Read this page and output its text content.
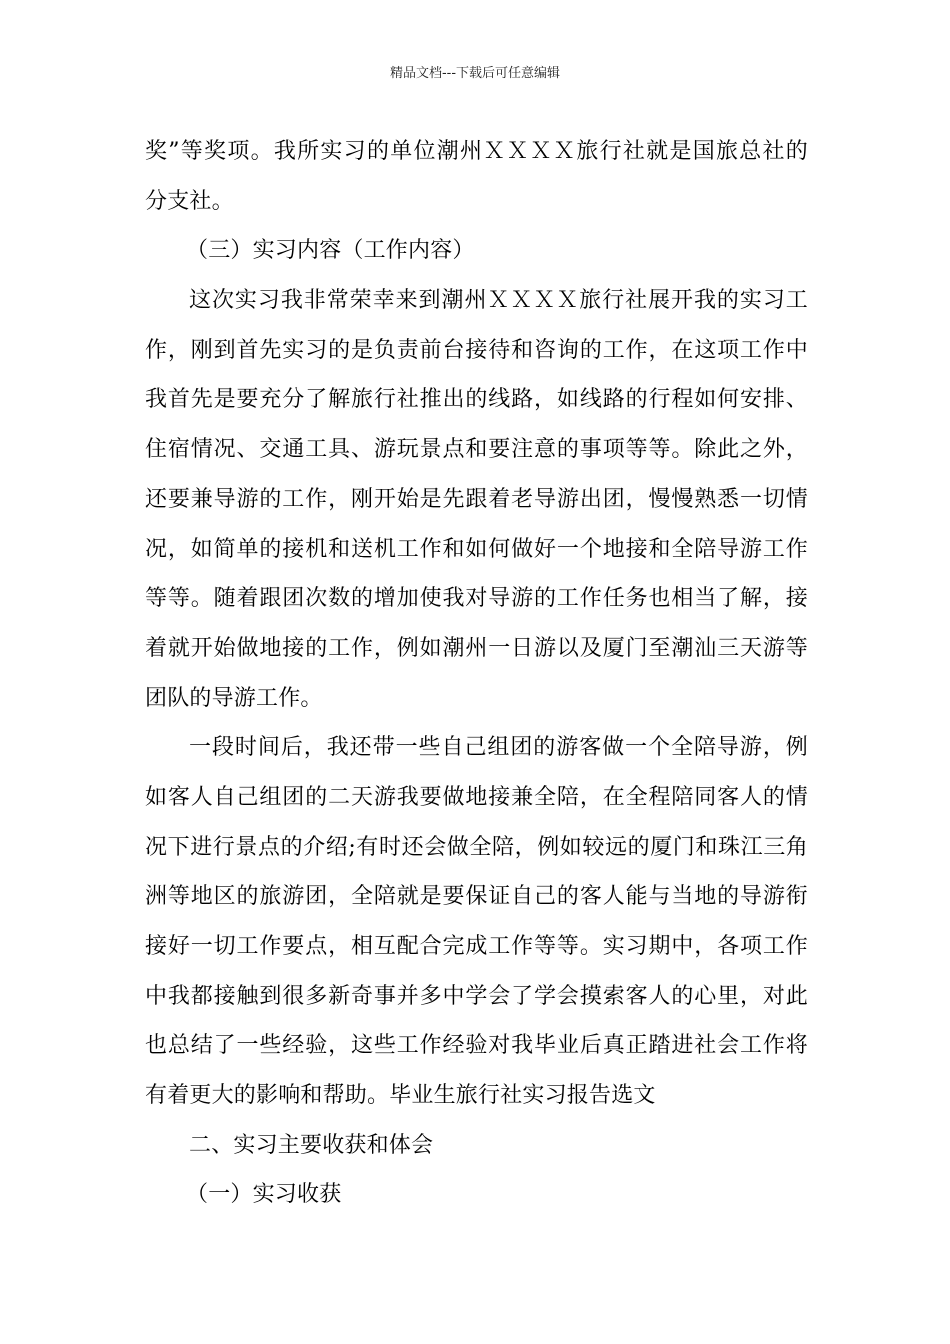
精品文档---下载后可任意编辑
奖”等奖项。我所实习的单位潮州ＸＸＸＸ旅行社就是国旅总社的
分支社。
（三）实习内容（工作内容）
这次实习我非常荣幸来到潮州ＸＸＸＸ旅行社展开我的实习工
作，刚到首先实习的是负责前台接待和咨询的工作，在这项工作中
我首先是要充分了解旅行社推出的线路，如线路的行程如何安排、
住宿情况、交通工具、游玩景点和要注意的事项等等。除此之外，
还要兼导游的工作，刚开始是先跟着老导游出团，慢慢熟悉一切情
况，如简单的接机和送机工作和如何做好一个地接和全陪导游工作
等等。随着跟团次数的增加使我对导游的工作任务也相当了解，接
着就开始做地接的工作，例如潮州一日游以及厦门至潮汕三天游等
团队的导游工作。
一段时间后，我还带一些自己组团的游客做一个全陪导游，例
如客人自己组团的二天游我要做地接兼全陪，在全程陪同客人的情
况下进行景点的介绍;有时还会做全陪，例如较远的厦门和珠江三角
洲等地区的旅游团，全陪就是要保证自己的客人能与当地的导游衔
接好一切工作要点，相互配合完成工作等等。实习期中，各项工作
中我都接触到很多新奇事并多中学会了学会摸索客人的心里，对此
也总结了一些经验，这些工作经验对我毕业后真正踏进社会工作将
有着更大的影响和帮助。毕业生旅行社实习报告选文
二、实习主要收获和体会
（一）实习收获
